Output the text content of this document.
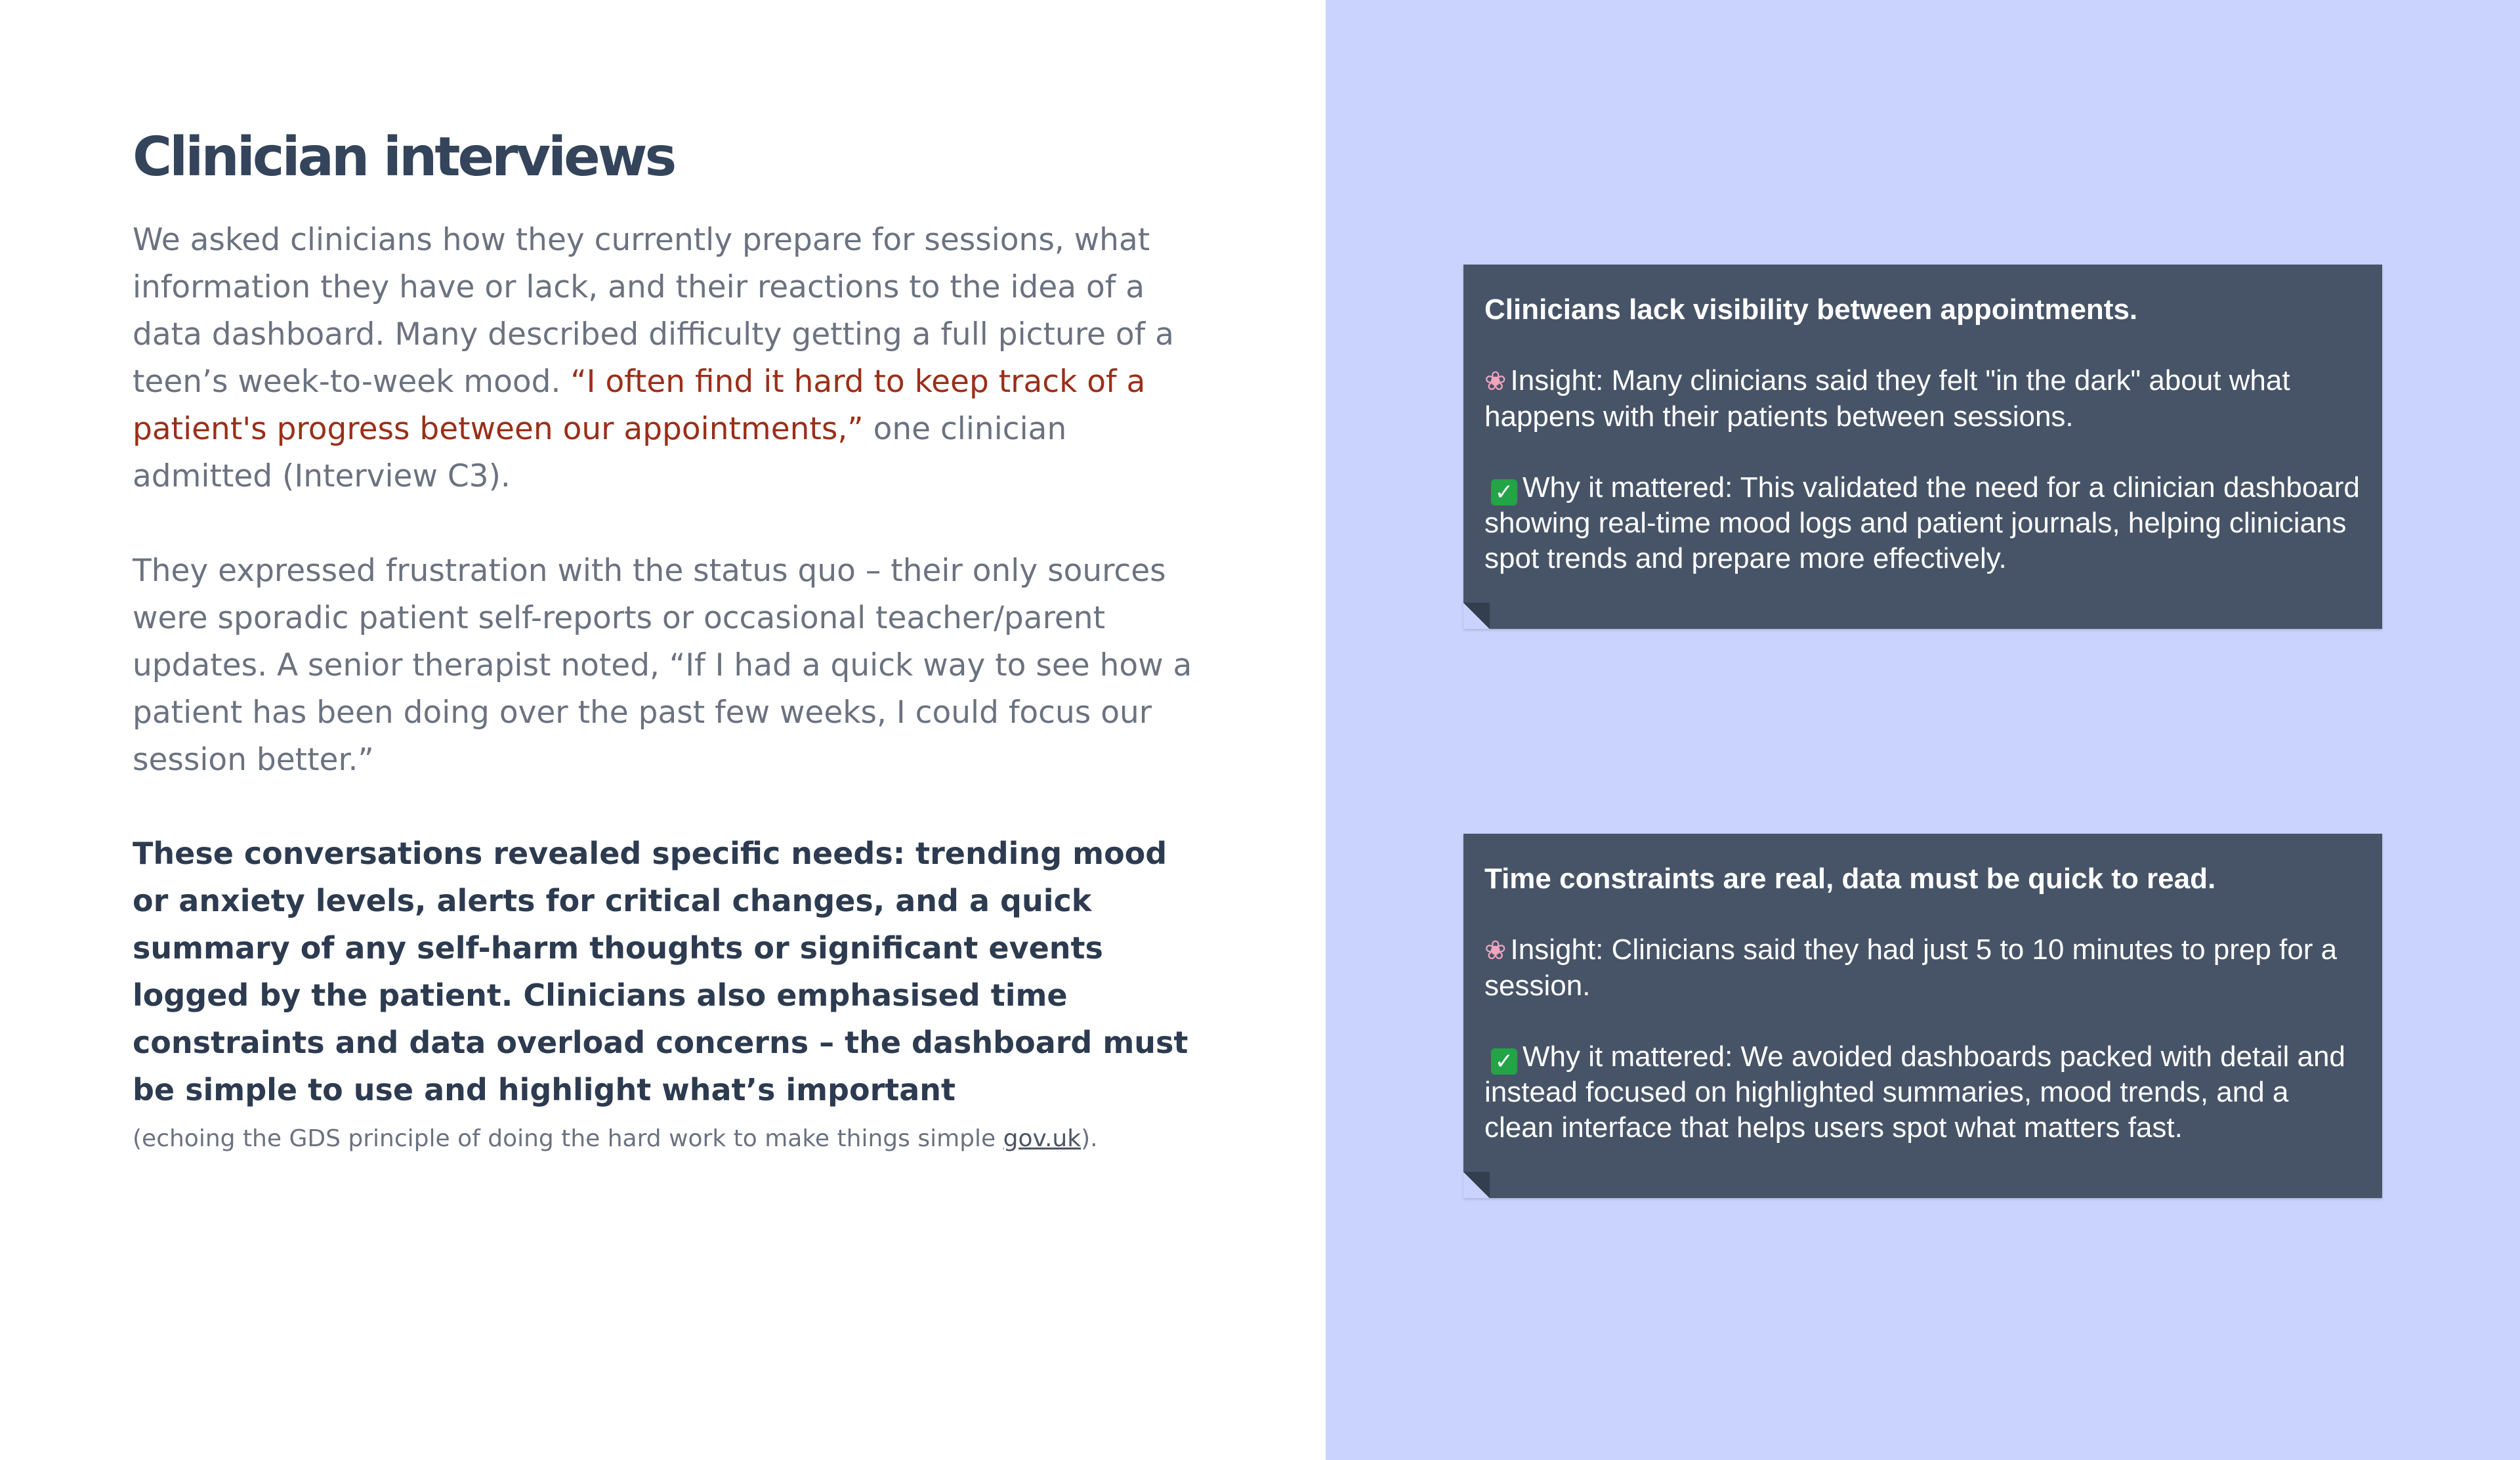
Clinician interviews

We asked clinicians how they currently prepare for sessions, what information they have or lack, and their reactions to the idea of a data dashboard. Many described difficulty getting a full picture of a teen’s week-to-week mood. “I often find it hard to keep track of a patient's progress between our appointments,” one clinician admitted (Interview C3).

They expressed frustration with the status quo – their only sources were sporadic patient self-reports or occasional teacher/parent updates. A senior therapist noted, “If I had a quick way to see how a patient has been doing over the past few weeks, I could focus our session better.”

These conversations revealed specific needs: trending mood or anxiety levels, alerts for critical changes, and a quick summary of any self-harm thoughts or significant events logged by the patient. Clinicians also emphasised time constraints and data overload concerns – the dashboard must be simple to use and highlight what’s important

(echoing the GDS principle of doing the hard work to make things simple gov.uk).

Clinicians lack visibility between appointments.

❀ Insight: Many clinicians said they felt "in the dark" about what happens with their patients between sessions.

✓ Why it mattered: This validated the need for a clinician dashboard showing real-time mood logs and patient journals, helping clinicians spot trends and prepare more effectively.

Time constraints are real, data must be quick to read.

❀ Insight: Clinicians said they had just 5 to 10 minutes to prep for a session.

✓ Why it mattered: We avoided dashboards packed with detail and instead focused on highlighted summaries, mood trends, and a clean interface that helps users spot what matters fast.
